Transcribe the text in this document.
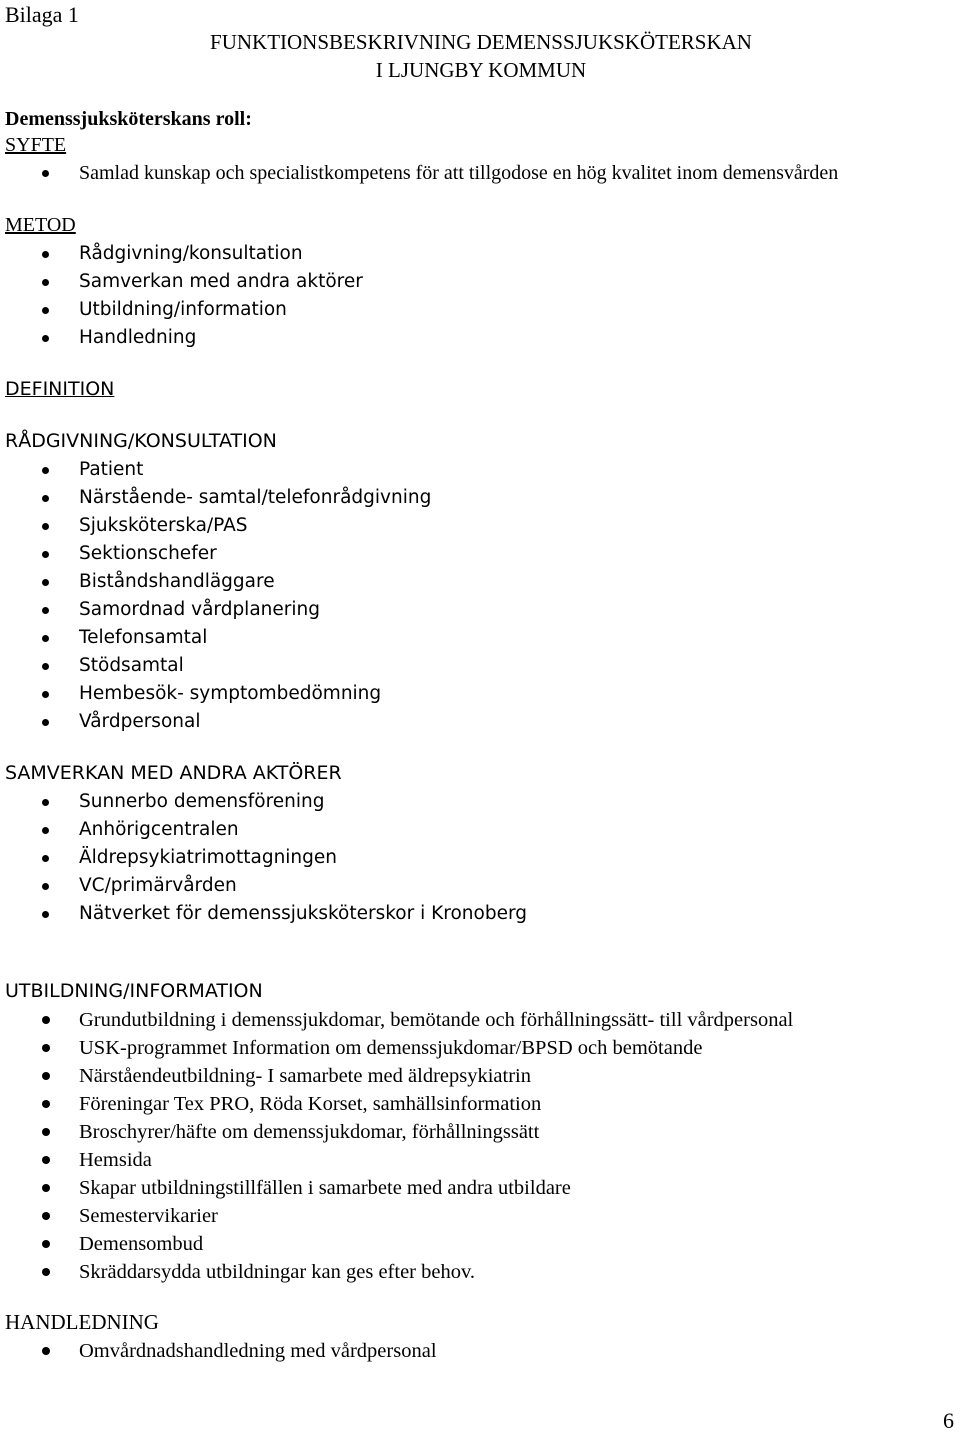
Bilaga 1
FUNKTIONSBESKRIVNING DEMENSSJUKSKÖTERSKAN
I LJUNGBY KOMMUN
Demenssjuksköterskans roll:
SYFTE
Samlad kunskap och specialistkompetens för att tillgodose en hög kvalitet inom demensvården
METOD
Rådgivning/konsultation
Samverkan med andra aktörer
Utbildning/information
Handledning
DEFINITION
RÅDGIVNING/KONSULTATION
Patient
Närstående- samtal/telefonrådgivning
Sjuksköterska/PAS
Sektionschefer
Biståndshandläggare
Samordnad vårdplanering
Telefonsamtal
Stödsamtal
Hembesök- symptombedömning
Vårdpersonal
SAMVERKAN MED ANDRA AKTÖRER
Sunnerbo demensförening
Anhörigcentralen
Äldrepsykiatrimottagningen
VC/primärvården
Nätverket för demenssjuksköterskor i Kronoberg
UTBILDNING/INFORMATION
Grundutbildning i demenssjukdomar, bemötande och förhållningssätt- till vårdpersonal
USK-programmet Information om demenssjukdomar/BPSD och bemötande
Närståendeutbildning- I samarbete med äldrepsykiatrin
Föreningar Tex PRO, Röda Korset, samhällsinformation
Broschyrer/häfte om demenssjukdomar, förhållningssätt
Hemsida
Skapar utbildningstillfällen i samarbete med andra utbildare
Semestervikarier
Demensombud
Skräddarsydda utbildningar kan ges efter behov.
HANDLEDNING
Omvårdnadshandledning med vårdpersonal
6
